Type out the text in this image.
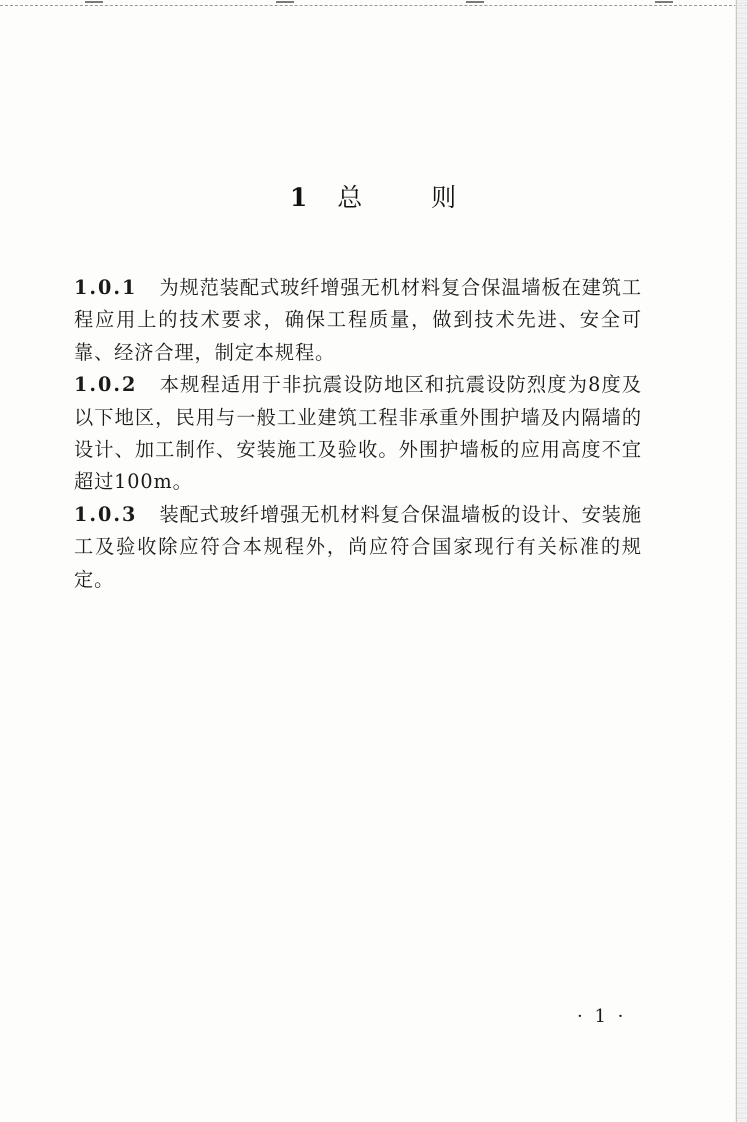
1 总	则

1.0.1 为规范装配式玻纤增强无机材料复合保温墙板在建筑工程应用上的技术要求，确保工程质量，做到技术先进、安全可靠、经济合理，制定本规程。

1.0.2 本规程适用于非抗震设防地区和抗震设防烈度为8度及以下地区，民用与一般工业建筑工程非承重外围护墙及内隔墙的设计、加工制作、安装施工及验收。外围护墙板的应用高度不宜超过100m。

1.0.3 装配式玻纤增强无机材料复合保温墙板的设计、安装施工及验收除应符合本规程外，尚应符合国家现行有关标准的规定。

· 1 ·
